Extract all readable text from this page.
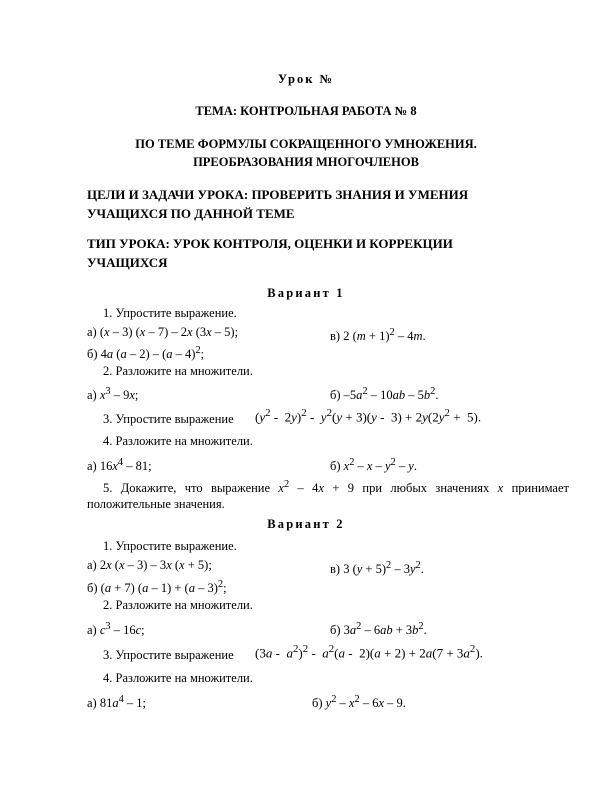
Урок №
ТЕМА: КОНТРОЛЬНАЯ РАБОТА № 8
ПО ТЕМЕ ФОРМУЛЫ СОКРАЩЕННОГО УМНОЖЕНИЯ.
ПРЕОБРАЗОВАНИЯ МНОГОЧЛЕНОВ
ЦЕЛИ И ЗАДАЧИ УРОКА: ПРОВЕРИТЬ ЗНАНИЯ И УМЕНИЯ
УЧАЩИХСЯ ПО ДАННОЙ ТЕМЕ
ТИП УРОКА: УРОК КОНТРОЛЯ, ОЦЕНКИ И КОРРЕКЦИИ
УЧАЩИХСЯ
Вариант 1
1. Упростите выражение.
а) (x – 3) (x – 7) – 2x (3x – 5);	в) 2 $(m + 1)^2 - 4m$.
б) 4a (a – 2) – (a – 4)$^2$;
2. Разложите на множители.
а) $x^3 - 9x$;	б) $-5a^2 - 10ab - 5b^2$.
3. Упростите выражение $(y^2 - 2y)^2 - y^2(y + 3)(y - 3) + 2y(2y^2 + 5)$.
4. Разложите на множители.
а) $16x^4 - 81$;	б) $x^2$ – x – $y^2$ – y.
5. Докажите, что выражение $x^2 - 4x + 9$ при любых значениях x принимает положительные значения.
Вариант 2
1. Упростите выражение.
а) 2x (x – 3) – 3x (x + 5);	в) 3 $(y + 5)^2 - 3y^2$.
б) (a + 7) (a – 1) + (a – 3)$^2$;
2. Разложите на множители.
а) $c^3 - 16c$;	б) $3a^2 - 6ab + 3b^2$.
3. Упростите выражение $(3a - a^2)^2 - a^2(a - 2)(a + 2) + 2a(7 + 3a^2)$.
4. Разложите на множители.
а) $81a^4 - 1$;	б) $y^2 - x^2 - 6x - 9$.
